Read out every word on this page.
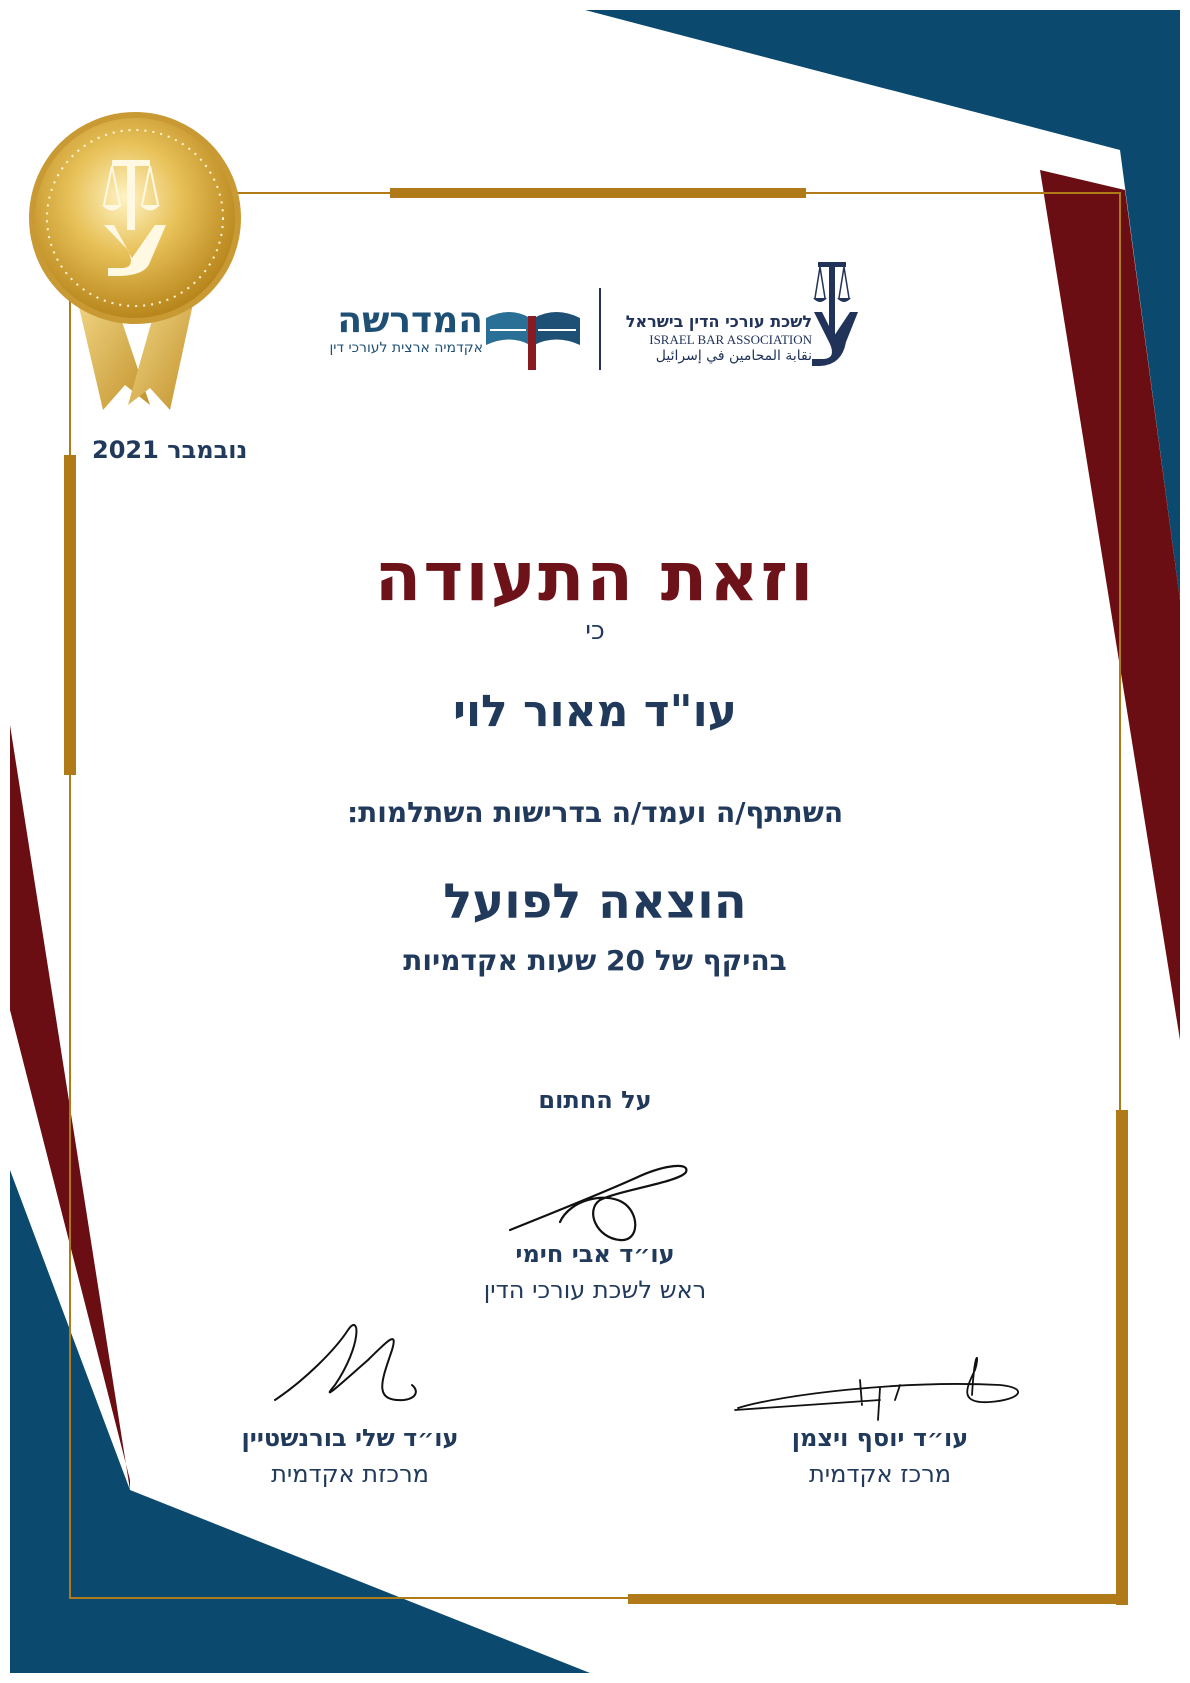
נובמבר 2021
לשכת עורכי הדין בישראל
ISRAEL BAR ASSOCIATION
نقابة المحامين في إسرائيل
המדרשה
אקדמיה ארצית לעורכי דין
וזאת התעודה
כי
עו"ד מאור לוי
השתתף/ה ועמד/ה בדרישות השתלמות:
הוצאה לפועל
בהיקף של 20 שעות אקדמיות
על החתום
עו״ד אבי חימי
ראש לשכת עורכי הדין
עו״ד שלי בורנשטיין
מרכזת אקדמית
עו״ד יוסף ויצמן
מרכז אקדמית
